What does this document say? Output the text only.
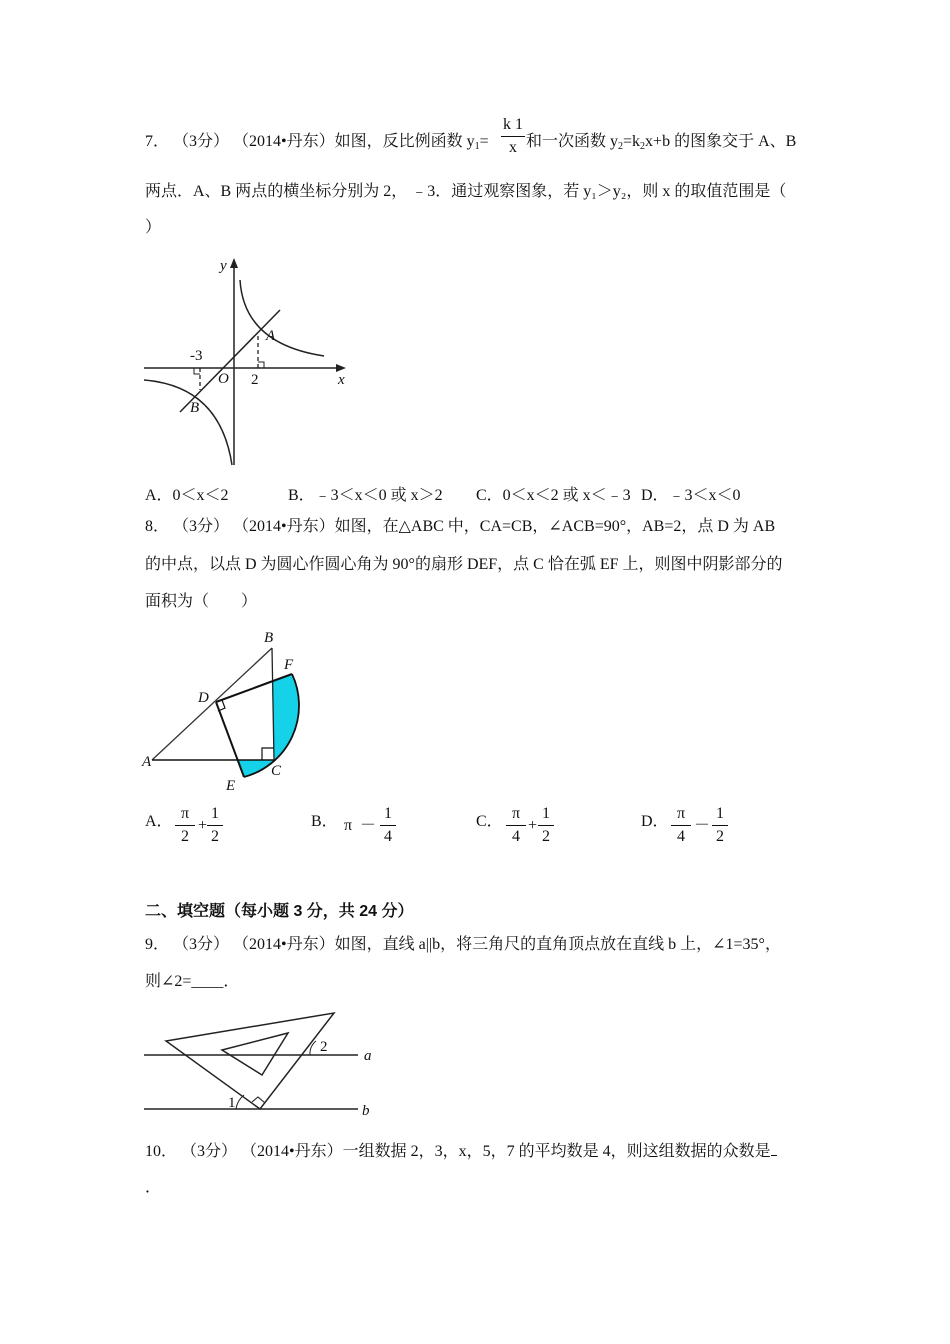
7． （3分） （2014•丹东）如图，反比例函数 $y_1=$
k 1
x 和一次函数 $y_2=k_2x+b$ 的图象交于 A、B
两点．A、B 两点的横坐标分别为 2， ﹣3．通过观察图象，若 y₁＞y₂，则 x 的取值范围是（
）
y
x
O
A
B
-3
2
A．0＜x＜2	B．﹣3＜x＜0 或 x＞2 C．0＜x＜2 或 x＜﹣3 D．﹣3＜x＜0
8． （3分） （2014•丹东）如图，在△ABC 中，CA=CB，∠ACB=90°，AB=2，点 D 为 AB
的中点，以点 D 为圆心作圆心角为 90°的扇形 DEF，点 C 恰在弧 EF 上，则图中阴影部分的
面积为（　　）
A
B
C
D
E
F
A． π
2
+
1
2
B． π －
1
4
C． π
4
+
1
2
D． π
4
－
1
2
二、填空题（每小题 3 分，共 24 分）
9． （3分） （2014•丹东）如图，直线 a||b，将三角尺的直角顶点放在直线 b 上，∠1=35°，
则∠2=____．
a
b
1
2
10． （3分） （2014•丹东）一组数据 2，3，x，5，7 的平均数是 4，则这组数据的众数是
．
